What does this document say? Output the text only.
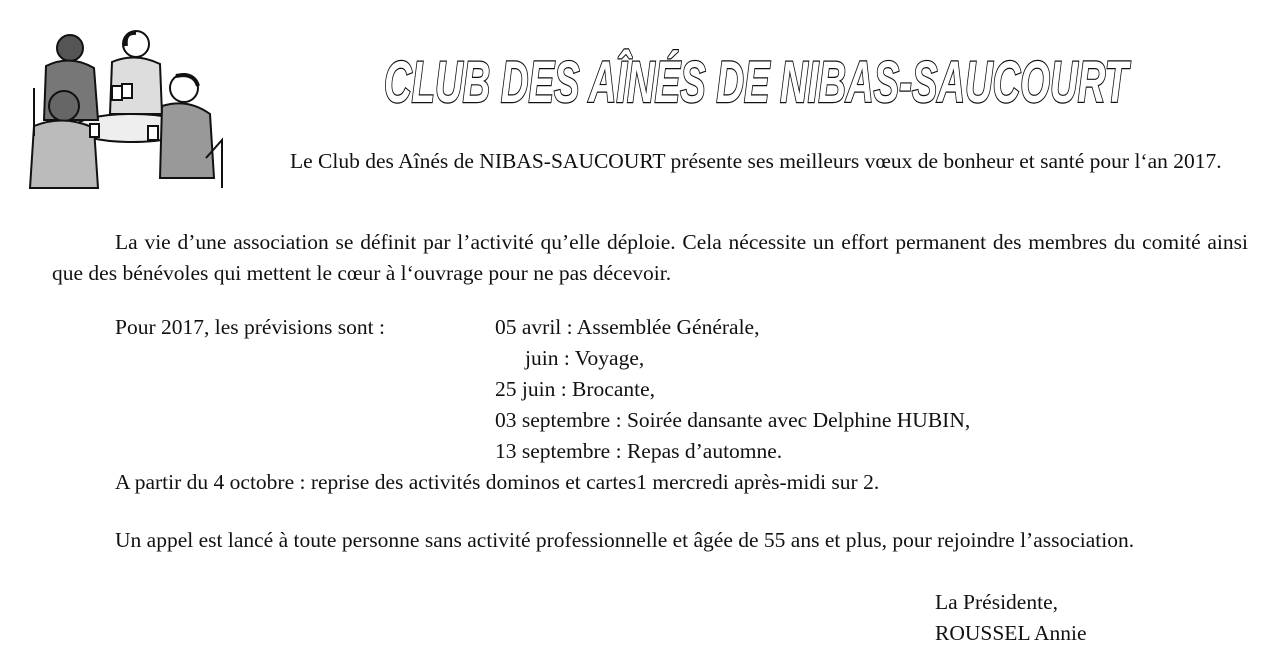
CLUB DES AÎNÉS DE NIBAS-SAUCOURT
Le Club des Aînés de NIBAS-SAUCOURT présente ses meilleurs vœux de bonheur et santé pour l‘an 2017.
La vie d’une association se définit par l’activité qu’elle déploie. Cela nécessite un effort permanent des membres du comité ainsi que des bénévoles qui mettent le cœur à l‘ouvrage pour ne pas décevoir.
Pour 2017, les prévisions sont :	05 avril : Assemblée Générale,
juin : Voyage,
25 juin : Brocante,
03 septembre : Soirée dansante avec Delphine HUBIN,
13 septembre : Repas d’automne.
A partir du 4 octobre : reprise des activités dominos et cartes1 mercredi après-midi sur 2.
Un appel est lancé à toute personne sans activité professionnelle et âgée de 55 ans et plus, pour rejoindre l’association.
La Présidente,
ROUSSEL Annie
